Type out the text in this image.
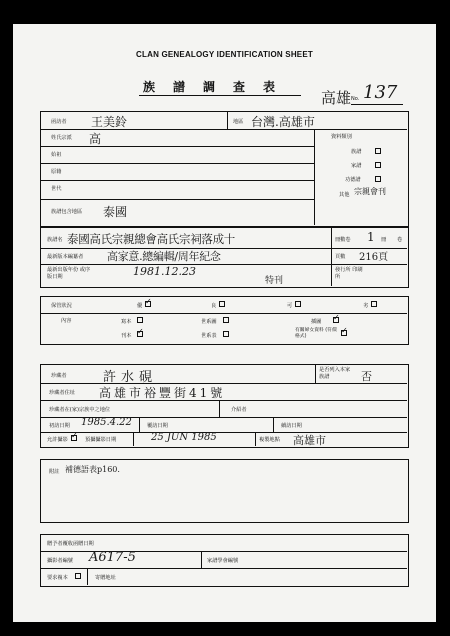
CLAN GENEALOGY IDENTIFICATION SHEET
族譜調查表
高雄 No. 137
函訪者 王美鈴	地區 台灣.高雄市
姓氏宗派 高
始祖
原籍
世代
族譜包含地區 泰國
資料類別
族譜
家譜
功德譜
其他 宗親會刊
族譜名 泰國高氏宗親總會高氏宗祠落成十	冊數卷 1 冊 卷
最新版本編纂者 高家意.總編輯/周年紀念	頁數 216頁
最新出版年份 或序版日期	1981.12.23
特刊
發行所 印刷所
保管狀況	優 ✓	良	可	劣
內容	寫本	世系圖	插圖 ✓
刊本 ✓	世系表
有關婦女資料 (符價格式)
✓
珍藏者	許水硯	是否列入本家族譜	否
珍藏者住址 高雄市裕豐街41號
珍藏者在(家)宗族中之地位	介紹者
初訪日期 1985.4.22	覆訪日期	續訪日期
允許攝影 ✓ 預攝攝影日期	25 JUN 1985	複製地點 高雄市
附註 補德語表p160.
贈予者覆收函贈日期
攝影者編號 A617-5	家譜學會編號
要求複本	寄贈地址
